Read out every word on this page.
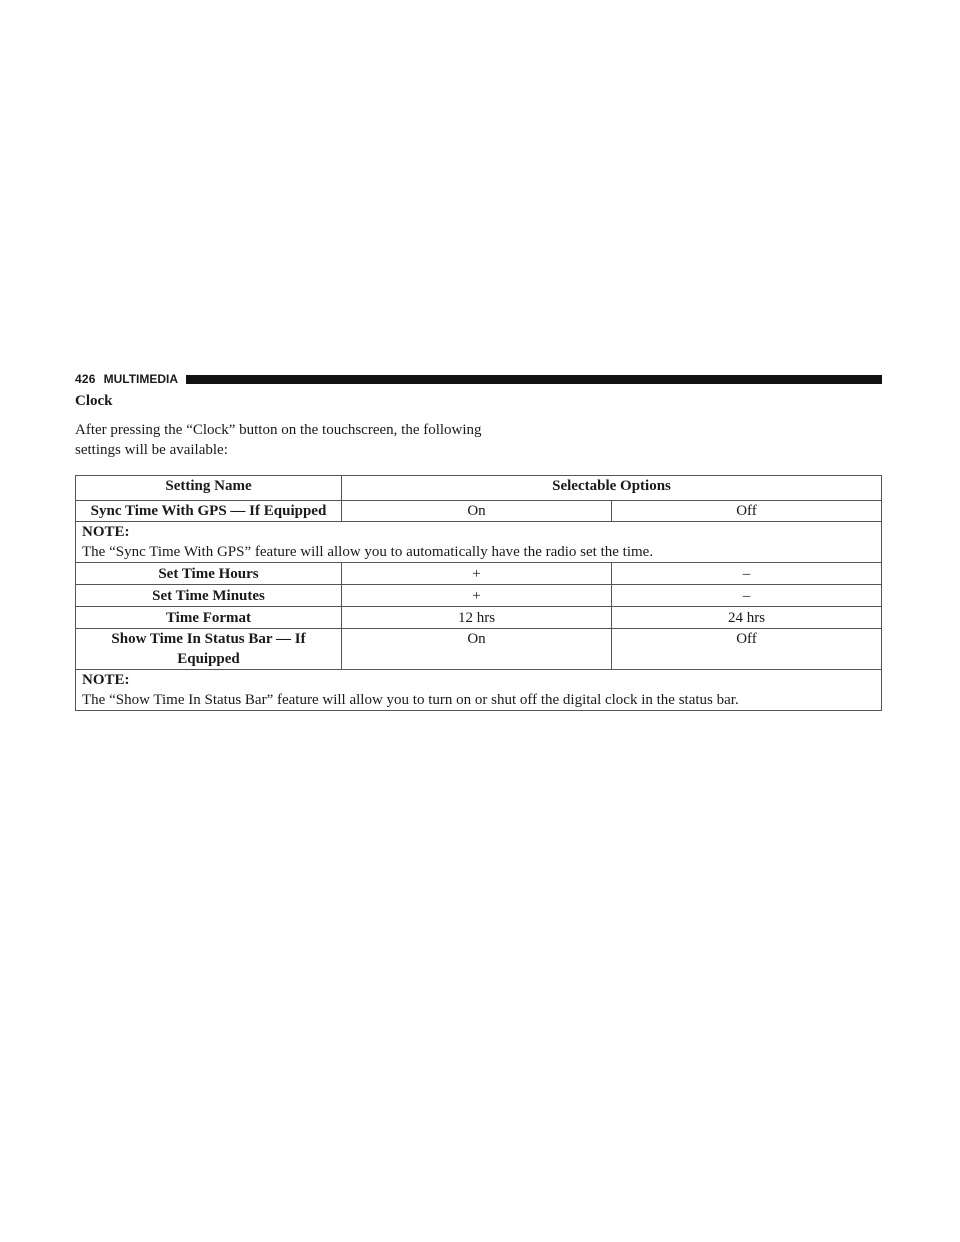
426 MULTIMEDIA
Clock
After pressing the “Clock” button on the touchscreen, the following settings will be available:
Setting Name	Selectable Options	
Sync Time With GPS — If Equipped	On	Off

NOTE:
The “Sync Time With GPS” feature will allow you to automatically have the radio set the time.		

Set Time Hours	+	–
Set Time Minutes	+	–
Time Format	12 hrs	24 hrs
Show Time In Status Bar — If Equipped	On	Off

NOTE:
The “Show Time In Status Bar” feature will allow you to turn on or shut off the digital clock in the status bar.		
